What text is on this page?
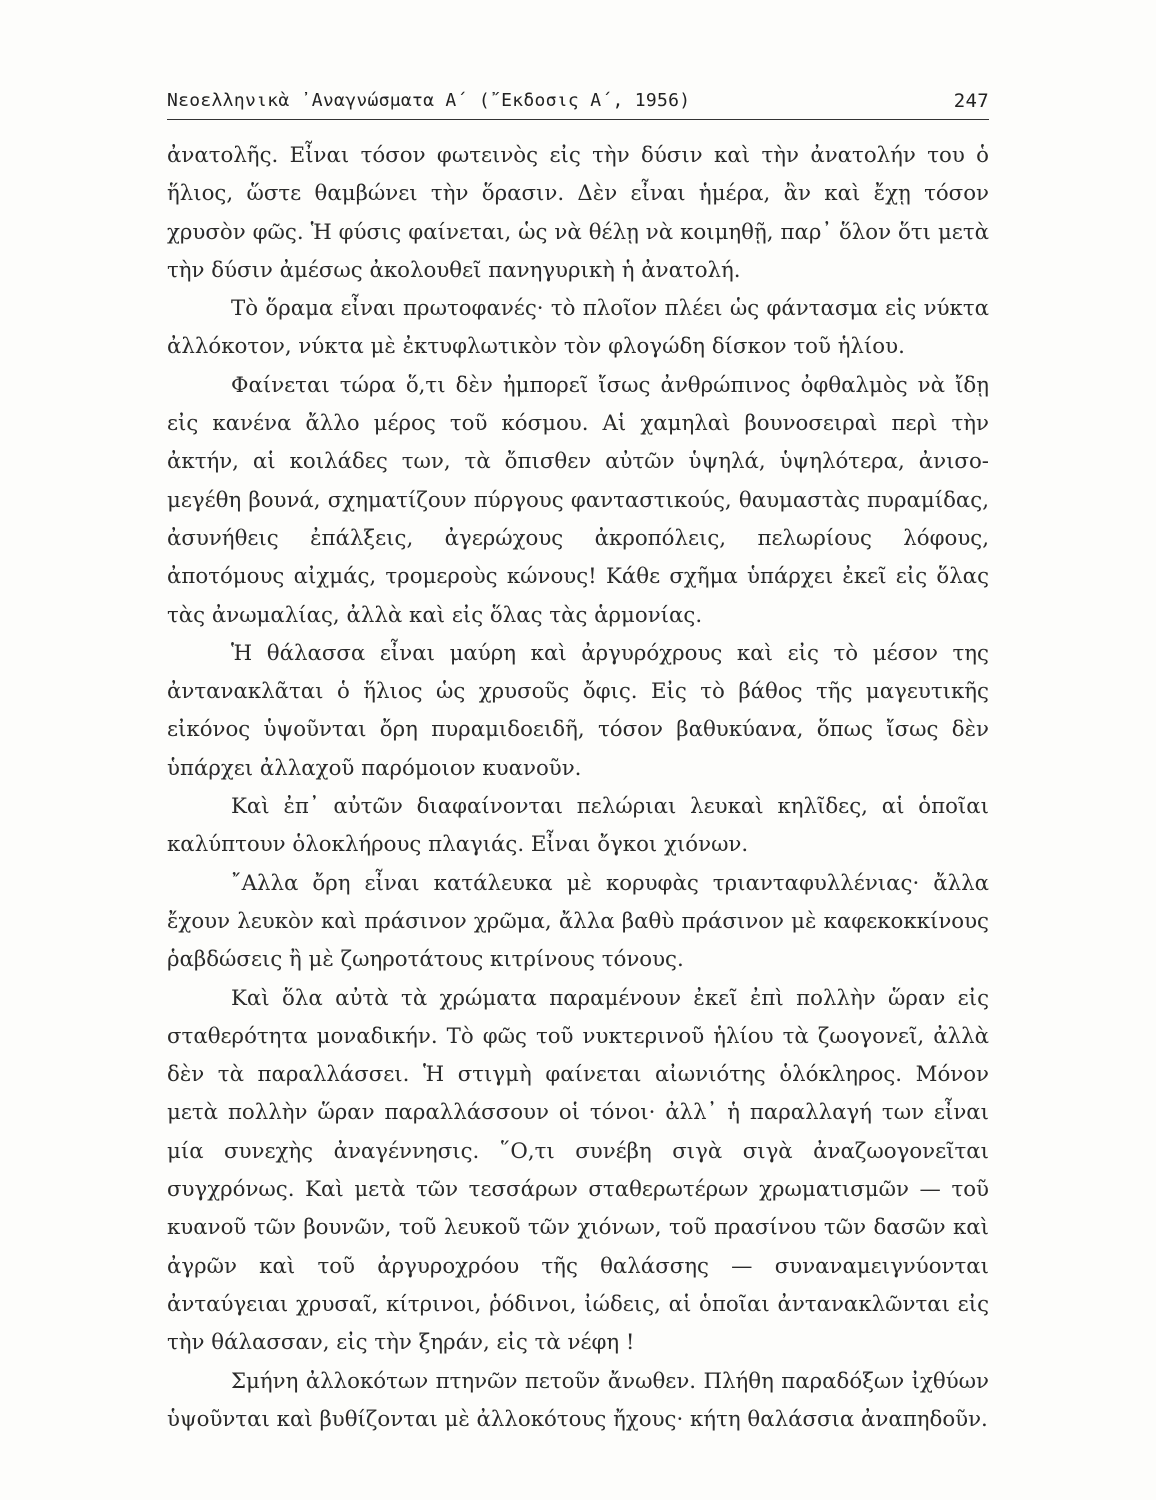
Νεοελληνικὰ ᾿Αναγνώσματα Α΄ (῎Εκδοσις Α΄, 1956)	247

ἀνατολῆς. Εἶναι τόσον φωτεινὸς εἰς τὴν δύσιν καὶ τὴν ἀνατολήν του ὁ ἥλιος, ὥστε θαμβώνει τὴν ὅρασιν. Δὲν εἶναι ἡμέρα, ἂν καὶ ἔχῃ τόσον χρυσὸν φῶς. Ἡ φύσις φαίνεται, ὡς νὰ θέλῃ νὰ κοιμηθῇ, παρ᾿ ὅλον ὅτι μετὰ τὴν δύσιν ἀμέσως ἀκολουθεῖ πανηγυρικὴ ἡ ἀνατολή.

Τὸ ὅραμα εἶναι πρωτοφανές· τὸ πλοῖον πλέει ὡς φάντασμα εἰς νύκτα ἀλλόκοτον, νύκτα μὲ ἐκτυφλωτικὸν τὸν φλογώδη δίσκον τοῦ ἡλίου.

Φαίνεται τώρα ὅ,τι δὲν ἠμπορεῖ ἴσως ἀνθρώπινος ὀφθαλμὸς νὰ ἴδῃ εἰς κανένα ἄλλο μέρος τοῦ κόσμου. Αἱ χαμηλαὶ βουνοσειραὶ περὶ τὴν ἀκτήν, αἱ κοιλάδες των, τὰ ὄπισθεν αὐτῶν ὑψηλά, ὑψηλότερα, ἀνισομεγέθη βουνά, σχηματίζουν πύργους φανταστικούς, θαυμαστὰς πυραμίδας, ἀσυνήθεις ἐπάλξεις, ἀγερώχους ἀκροπόλεις, πελωρίους λόφους, ἀποτόμους αἰχμάς, τρομεροὺς κώνους! Κάθε σχῆμα ὑπάρχει ἐκεῖ εἰς ὅλας τὰς ἀνωμαλίας, ἀλλὰ καὶ εἰς ὅλας τὰς ἁρμονίας.

Ἡ θάλασσα εἶναι μαύρη καὶ ἀργυρόχρους καὶ εἰς τὸ μέσον της ἀντανακλᾶται ὁ ἥλιος ὡς χρυσοῦς ὄφις. Εἰς τὸ βάθος τῆς μαγευτικῆς εἰκόνος ὑψοῦνται ὄρη πυραμιδοειδῆ, τόσον βαθυκύανα, ὅπως ἴσως δὲν ὑπάρχει ἀλλαχοῦ παρόμοιον κυανοῦν.

Καὶ ἐπ᾿ αὐτῶν διαφαίνονται πελώριαι λευκαὶ κηλῖδες, αἱ ὁποῖαι καλύπτουν ὁλοκλήρους πλαγιάς. Εἶναι ὄγκοι χιόνων.

῎Αλλα ὄρη εἶναι κατάλευκα μὲ κορυφὰς τριανταφυλλένιας· ἄλλα ἔχουν λευκὸν καὶ πράσινον χρῶμα, ἄλλα βαθὺ πράσινον μὲ καφεκοκκίνους ῥαβδώσεις ἢ μὲ ζωηροτάτους κιτρίνους τόνους.

Καὶ ὅλα αὐτὰ τὰ χρώματα παραμένουν ἐκεῖ ἐπὶ πολλὴν ὥραν εἰς σταθερότητα μοναδικήν. Τὸ φῶς τοῦ νυκτερινοῦ ἡλίου τὰ ζωογονεῖ, ἀλλὰ δὲν τὰ παραλλάσσει. Ἡ στιγμὴ φαίνεται αἰωνιότης ὁλόκληρος. Μόνον μετὰ πολλὴν ὥραν παραλλάσσουν οἱ τόνοι· ἀλλ᾿ ἡ παραλλαγή των εἶναι μία συνεχὴς ἀναγέννησις. ῞Ο,τι συνέβη σιγὰ σιγὰ ἀναζωογονεῖται συγχρόνως. Καὶ μετὰ τῶν τεσσάρων σταθερωτέρων χρωματισμῶν — τοῦ κυανοῦ τῶν βουνῶν, τοῦ λευκοῦ τῶν χιόνων, τοῦ πρασίνου τῶν δασῶν καὶ ἀγρῶν καὶ τοῦ ἀργυροχρόου τῆς θαλάσσης — συναναμειγνύονται ἀνταύγειαι χρυσαῖ, κίτρινοι, ῥόδινοι, ἰώδεις, αἱ ὁποῖαι ἀντανακλῶνται εἰς τὴν θάλασσαν, εἰς τὴν ξηράν, εἰς τὰ νέφη !

Σμήνη ἀλλοκότων πτηνῶν πετοῦν ἄνωθεν. Πλήθη παραδόξων ἰχθύων ὑψοῦνται καὶ βυθίζονται μὲ ἀλλοκότους ἤχους· κήτη θαλάσσια ἀναπηδοῦν.
